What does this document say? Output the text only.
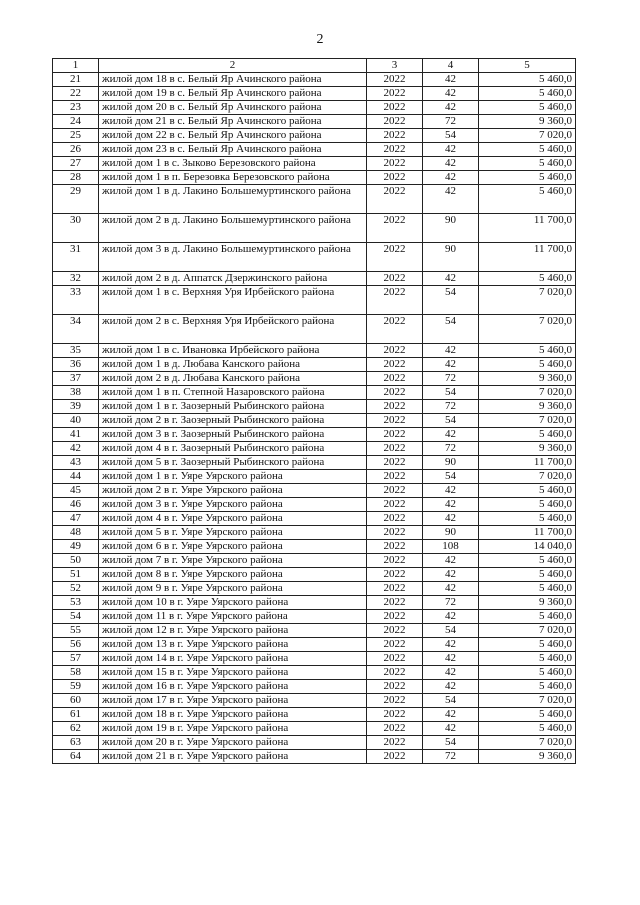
2
1	2	3	4	5
21	жилой дом 18 в с. Белый Яр Ачинского района	2022	42	5 460,0
22	жилой дом 19 в с. Белый Яр Ачинского района	2022	42	5 460,0
23	жилой дом 20 в с. Белый Яр Ачинского района	2022	42	5 460,0
24	жилой дом 21 в с. Белый Яр Ачинского района	2022	72	9 360,0
25	жилой дом 22 в с. Белый Яр Ачинского района	2022	54	7 020,0
26	жилой дом 23 в с. Белый Яр Ачинского района	2022	42	5 460,0
27	жилой дом 1 в с. Зыково Березовского района	2022	42	5 460,0
28	жилой дом 1 в п. Березовка Березовского района	2022	42	5 460,0
29	жилой дом 1 в д. Лакино Большемуртинского района	2022	42	5 460,0
30	жилой дом 2 в д. Лакино Большемуртинского района	2022	90	11 700,0
31	жилой дом 3 в д. Лакино Большемуртинского района	2022	90	11 700,0
32	жилой дом 2 в д. Аппатск Дзержинского района	2022	42	5 460,0
33	жилой дом 1 в с. Верхняя Уря Ирбейского района	2022	54	7 020,0
34	жилой дом 2 в с. Верхняя Уря Ирбейского района	2022	54	7 020,0
35	жилой дом 1 в с. Ивановка Ирбейского района	2022	42	5 460,0
36	жилой дом 1 в д. Любава Канского района	2022	42	5 460,0
37	жилой дом 2 в д. Любава Канского района	2022	72	9 360,0
38	жилой дом 1 в п. Степной Назаровского района	2022	54	7 020,0
39	жилой дом 1 в г. Заозерный Рыбинского района	2022	72	9 360,0
40	жилой дом 2 в г. Заозерный Рыбинского района	2022	54	7 020,0
41	жилой дом 3 в г. Заозерный Рыбинского района	2022	42	5 460,0
42	жилой дом 4 в г. Заозерный Рыбинского района	2022	72	9 360,0
43	жилой дом 5 в г. Заозерный Рыбинского района	2022	90	11 700,0
44	жилой дом 1 в г. Уяре Уярского района	2022	54	7 020,0
45	жилой дом 2 в г. Уяре Уярского района	2022	42	5 460,0
46	жилой дом 3 в г. Уяре Уярского района	2022	42	5 460,0
47	жилой дом 4 в г. Уяре Уярского района	2022	42	5 460,0
48	жилой дом 5 в г. Уяре Уярского района	2022	90	11 700,0
49	жилой дом 6 в г. Уяре Уярского района	2022	108	14 040,0
50	жилой дом 7 в г. Уяре Уярского района	2022	42	5 460,0
51	жилой дом 8 в г. Уяре Уярского района	2022	42	5 460,0
52	жилой дом 9 в г. Уяре Уярского района	2022	42	5 460,0
53	жилой дом 10 в г. Уяре Уярского района	2022	72	9 360,0
54	жилой дом 11 в г. Уяре Уярского района	2022	42	5 460,0
55	жилой дом 12 в г. Уяре Уярского района	2022	54	7 020,0
56	жилой дом 13 в г. Уяре Уярского района	2022	42	5 460,0
57	жилой дом 14 в г. Уяре Уярского района	2022	42	5 460,0
58	жилой дом 15 в г. Уяре Уярского района	2022	42	5 460,0
59	жилой дом 16 в г. Уяре Уярского района	2022	42	5 460,0
60	жилой дом 17 в г. Уяре Уярского района	2022	54	7 020,0
61	жилой дом 18 в г. Уяре Уярского района	2022	42	5 460,0
62	жилой дом 19 в г. Уяре Уярского района	2022	42	5 460,0
63	жилой дом 20 в г. Уяре Уярского района	2022	54	7 020,0
64	жилой дом 21 в г. Уяре Уярского района	2022	72	9 360,0
